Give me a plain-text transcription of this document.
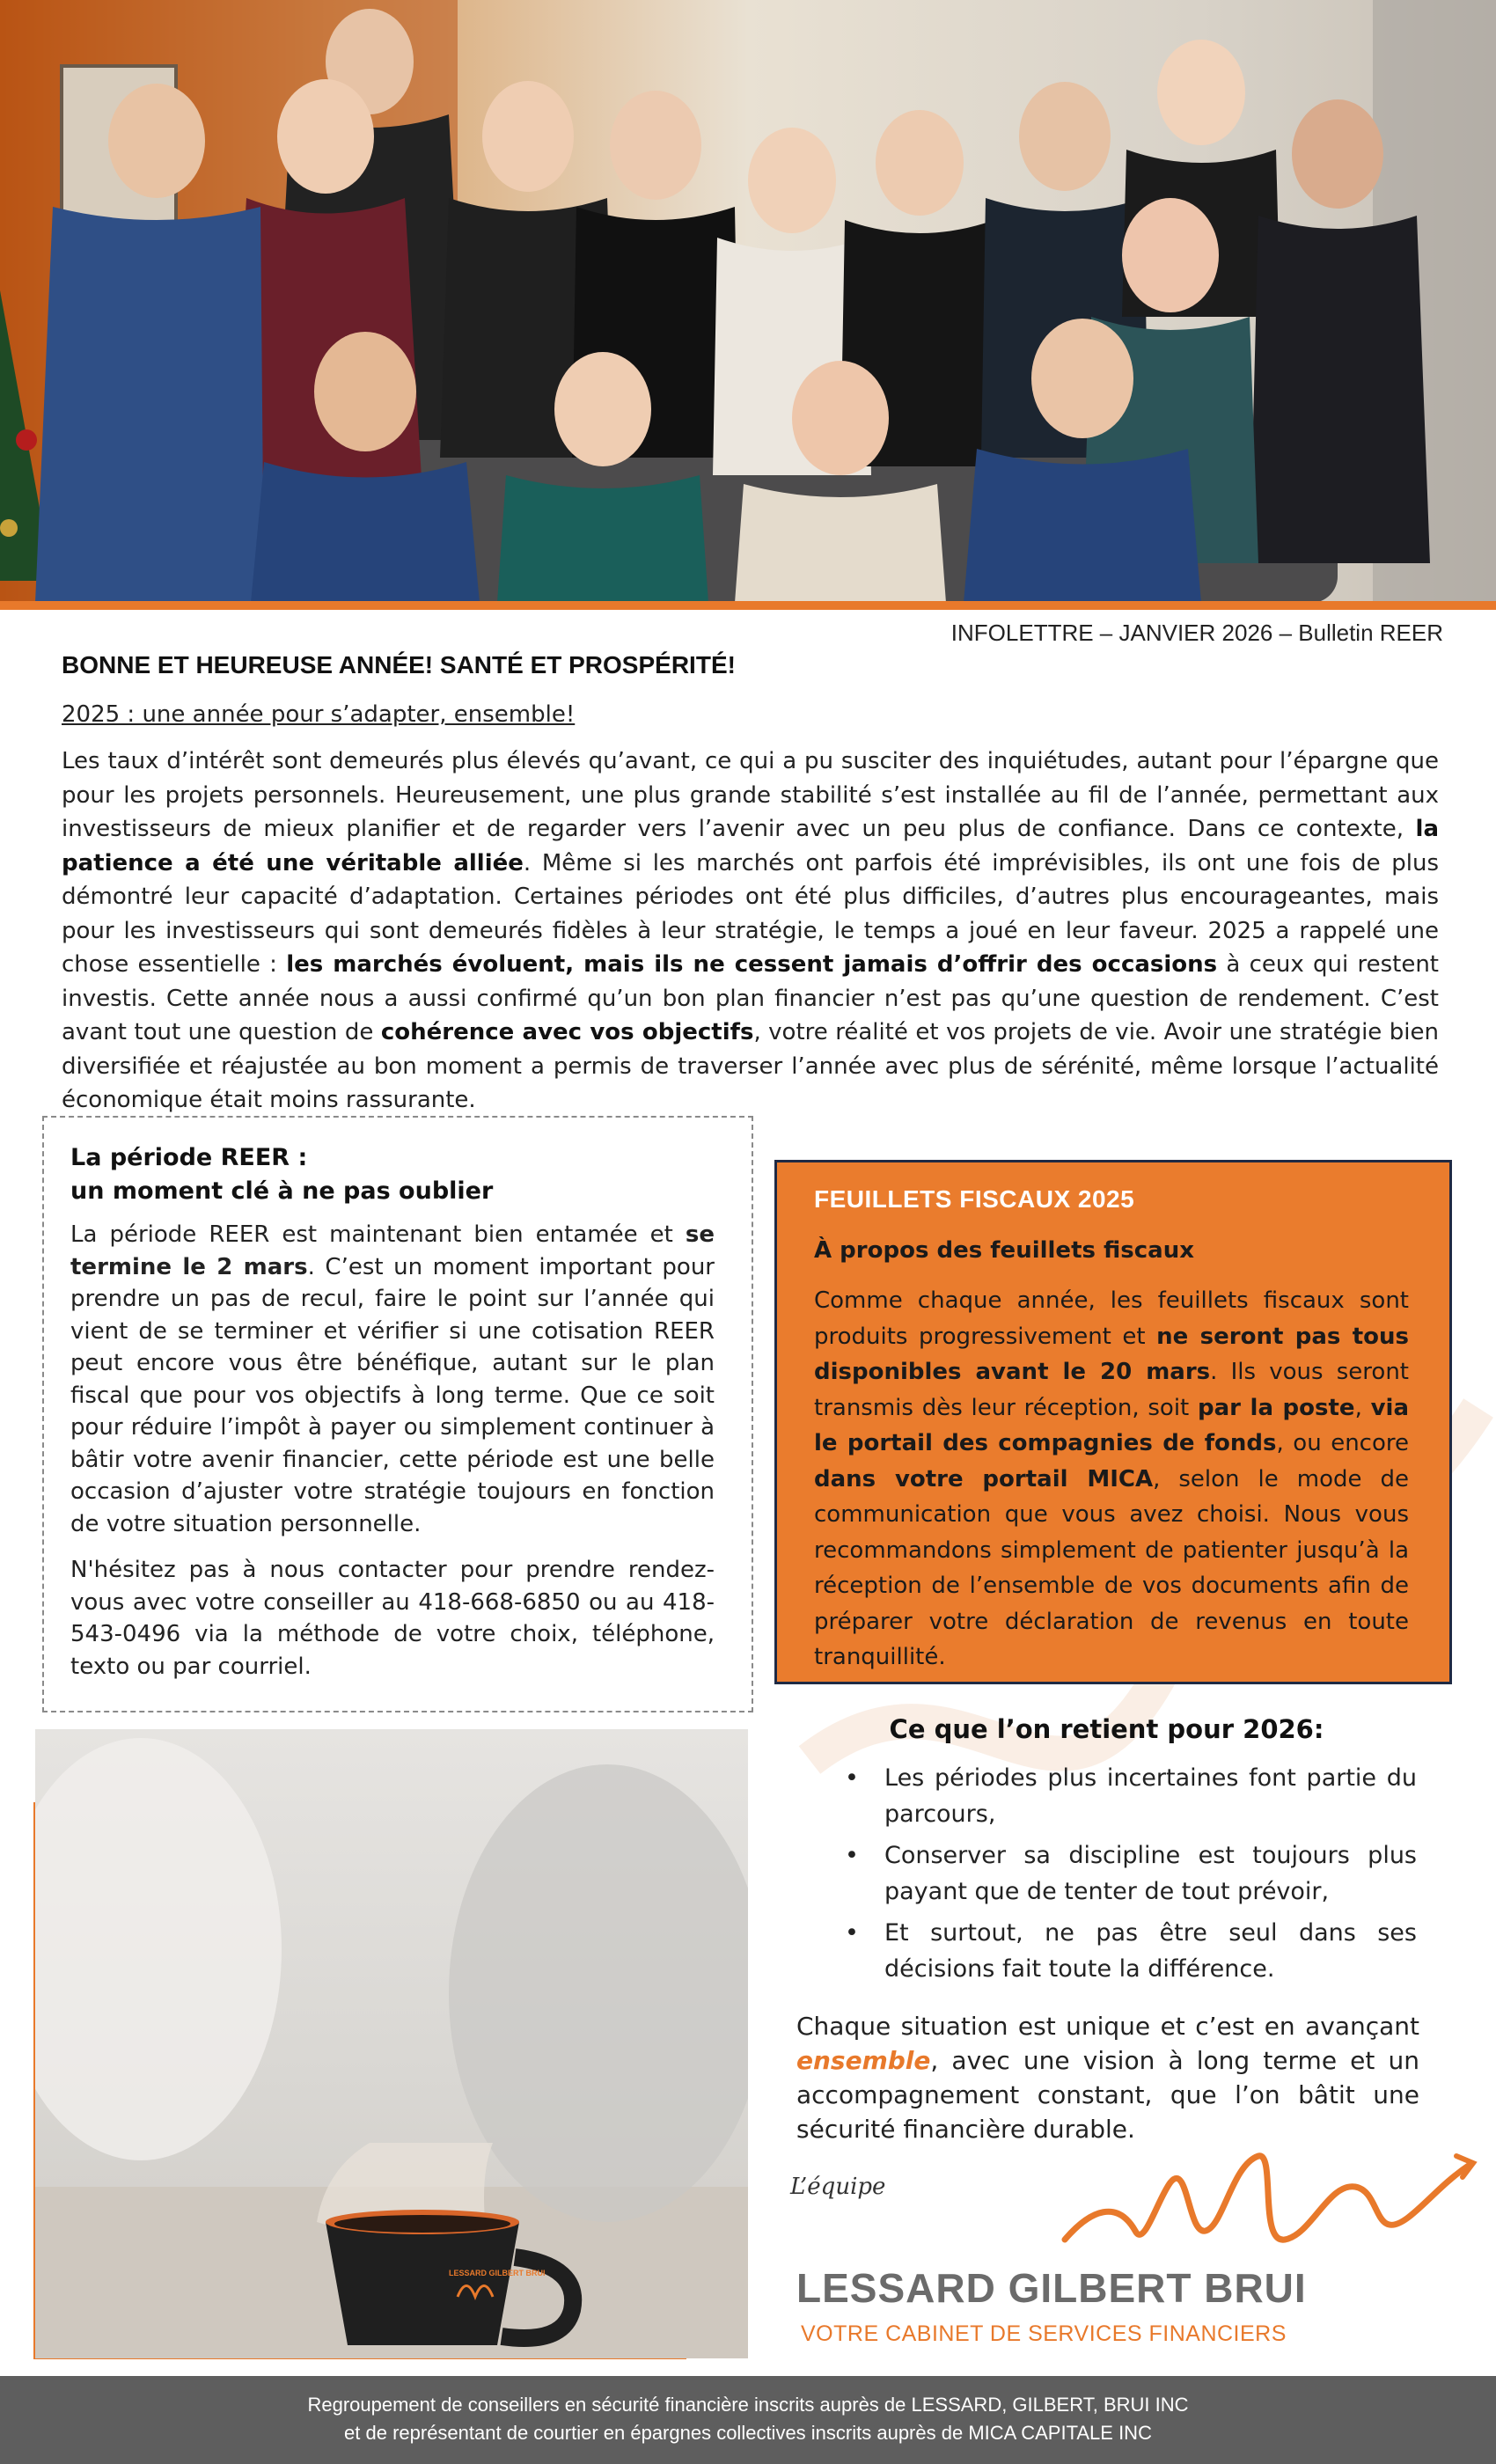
INFOLETTRE – JANVIER 2026 – Bulletin REER
BONNE ET HEUREUSE ANNÉE! SANTÉ ET PROSPÉRITÉ!
2025 : une année pour s’adapter, ensemble!
Les taux d’intérêt sont demeurés plus élevés qu’avant, ce qui a pu susciter des inquiétudes, autant pour l’épargne que pour les projets personnels. Heureusement, une plus grande stabilité s’est installée au fil de l’année, permettant aux investisseurs de mieux planifier et de regarder vers l’avenir avec un peu plus de confiance. Dans ce contexte, la patience a été une véritable alliée. Même si les marchés ont parfois été imprévisibles, ils ont une fois de plus démontré leur capacité d’adaptation. Certaines périodes ont été plus difficiles, d’autres plus encourageantes, mais pour les investisseurs qui sont demeurés fidèles à leur stratégie, le temps a joué en leur faveur. 2025 a rappelé une chose essentielle : les marchés évoluent, mais ils ne cessent jamais d’offrir des occasions à ceux qui restent investis. Cette année nous a aussi confirmé qu’un bon plan financier n’est pas qu’une question de rendement. C’est avant tout une question de cohérence avec vos objectifs, votre réalité et vos projets de vie. Avoir une stratégie bien diversifiée et réajustée au bon moment a permis de traverser l’année avec plus de sérénité, même lorsque l’actualité économique était moins rassurante.
La période REER :
un moment clé à ne pas oublier

La période REER est maintenant bien entamée et se termine le 2 mars. C’est un moment important pour prendre un pas de recul, faire le point sur l’année qui vient de se terminer et vérifier si une cotisation REER peut encore vous être bénéfique, autant sur le plan fiscal que pour vos objectifs à long terme. Que ce soit pour réduire l’impôt à payer ou simplement continuer à bâtir votre avenir financier, cette période est une belle occasion d’ajuster votre stratégie toujours en fonction de votre situation personnelle.

N'hésitez pas à nous contacter pour prendre rendez-vous avec votre conseiller au 418-668-6850 ou au 418-543-0496 via la méthode de votre choix, téléphone, texto ou par courriel.

FEUILLETS FISCAUX 2025
À propos des feuillets fiscaux
Comme chaque année, les feuillets fiscaux sont produits progressivement et ne seront pas tous disponibles avant le 20 mars. Ils vous seront transmis dès leur réception, soit par la poste, via le portail des compagnies de fonds, ou encore dans votre portail MICA, selon le mode de communication que vous avez choisi. Nous vous recommandons simplement de patienter jusqu’à la réception de l’ensemble de vos documents afin de préparer votre déclaration de revenus en toute tranquillité.
LESSARD GILBERT BRUI
Ce que l’on retient pour 2026:
• Les périodes plus incertaines font partie du parcours,
• Conserver sa discipline est toujours plus payant que de tenter de tout prévoir,
• Et surtout, ne pas être seul dans ses décisions fait toute la différence.
Chaque situation est unique et c’est en avançant ensemble, avec une vision à long terme et un accompagnement constant, que l’on bâtit une sécurité financière durable.
L’équipe
LESSARD GILBERT BRUI
VOTRE CABINET DE SERVICES FINANCIERS
Regroupement de conseillers en sécurité financière inscrits auprès de LESSARD, GILBERT, BRUI INC
et de représentant de courtier en épargnes collectives inscrits auprès de MICA CAPITALE INC
